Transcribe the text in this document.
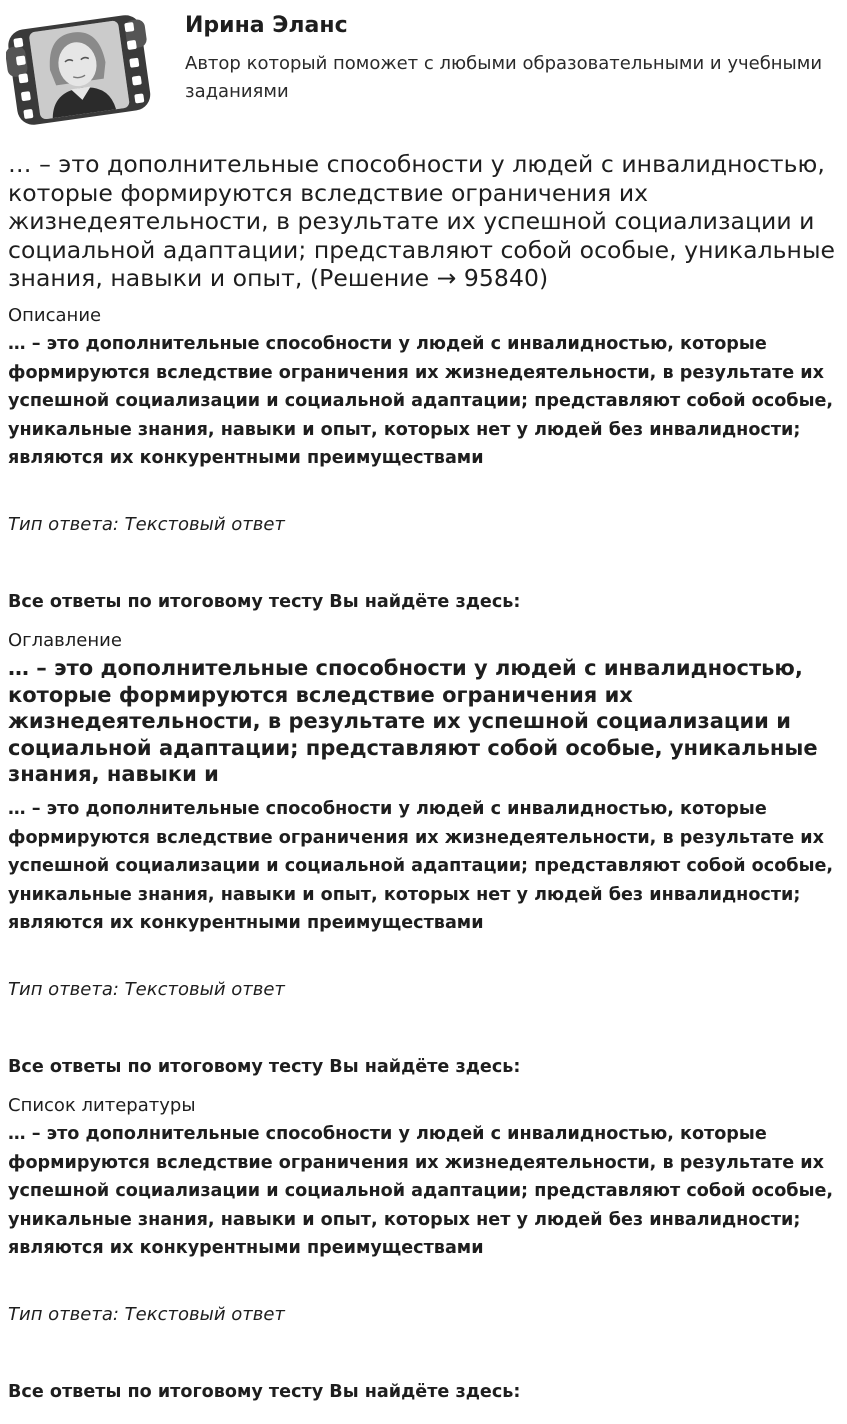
Ирина Эланс
Автор который поможет с любыми образовательными и учебными заданиями
… – это дополнительные способности у людей с инвалидностью, которые формируются вследствие ограничения их жизнедеятельности, в результате их успешной социализации и социальной адаптации; представляют собой особые, уникальные знания, навыки и опыт, (Решение → 95840)
Описание
… – это дополнительные способности у людей с инвалидностью, которые формируются вследствие ограничения их жизнедеятельности, в результате их успешной социализации и социальной адаптации; представляют собой особые, уникальные знания, навыки и опыт, которых нет у людей без инвалидности; являются их конкурентными преимуществами
Тип ответа: Текстовый ответ
Все ответы по итоговому тесту Вы найдёте здесь:
Оглавление
… – это дополнительные способности у людей с инвалидностью, которые формируются вследствие ограничения их жизнедеятельности, в результате их успешной социализации и социальной адаптации; представляют собой особые, уникальные знания, навыки и
… – это дополнительные способности у людей с инвалидностью, которые формируются вследствие ограничения их жизнедеятельности, в результате их успешной социализации и социальной адаптации; представляют собой особые, уникальные знания, навыки и опыт, которых нет у людей без инвалидности; являются их конкурентными преимуществами
Тип ответа: Текстовый ответ
Все ответы по итоговому тесту Вы найдёте здесь:
Список литературы
… – это дополнительные способности у людей с инвалидностью, которые формируются вследствие ограничения их жизнедеятельности, в результате их успешной социализации и социальной адаптации; представляют собой особые, уникальные знания, навыки и опыт, которых нет у людей без инвалидности; являются их конкурентными преимуществами
Тип ответа: Текстовый ответ
Все ответы по итоговому тесту Вы найдёте здесь:
